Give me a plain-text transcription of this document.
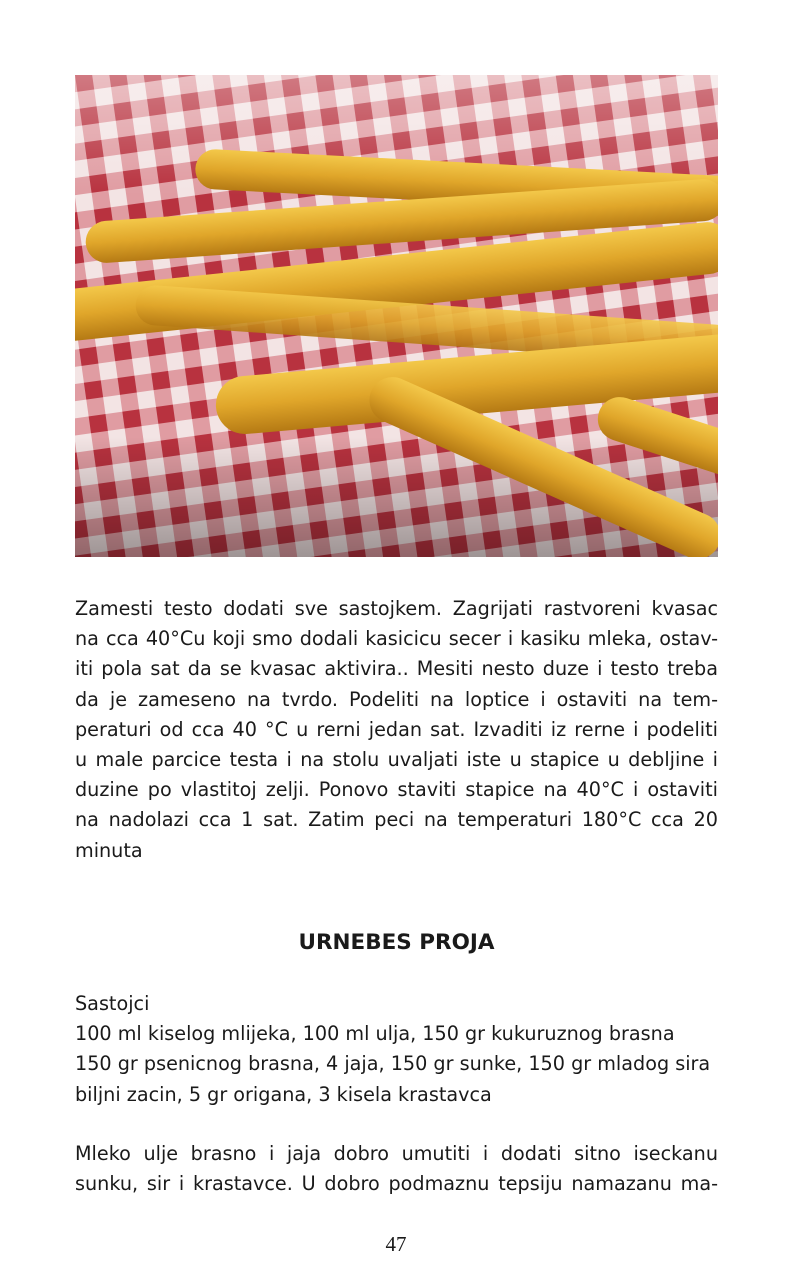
Zamesti testo dodati sve sastojkem. Zagrijati rastvoreni kvasac
na cca 40°Cu koji smo dodali kasicicu secer i kasiku mleka, ostav-
iti pola sat da se kvasac aktivira.. Mesiti nesto duze i testo treba
da je zameseno na tvrdo. Podeliti na loptice i ostaviti na tem-
peraturi od cca 40 °C u rerni jedan sat. Izvaditi iz rerne i podeliti
u male parcice testa i na stolu uvaljati iste u stapice u debljine i
duzine po vlastitoj zelji. Ponovo staviti stapice na 40°C i ostaviti
na nadolazi cca 1 sat. Zatim peci na temperaturi 180°C cca 20
minuta

URNEBES PROJA
Sastojci
100 ml kiselog mlijeka, 100 ml ulja, 150 gr kukuruznog brasna
150 gr psenicnog brasna, 4 jaja, 150 gr sunke, 150 gr mladog sira
biljni zacin, 5 gr origana, 3 kisela krastavca

Mleko ulje brasno i jaja dobro umutiti i dodati sitno iseckanu
sunku, sir i krastavce. U dobro podmaznu tepsiju namazanu ma-

47
